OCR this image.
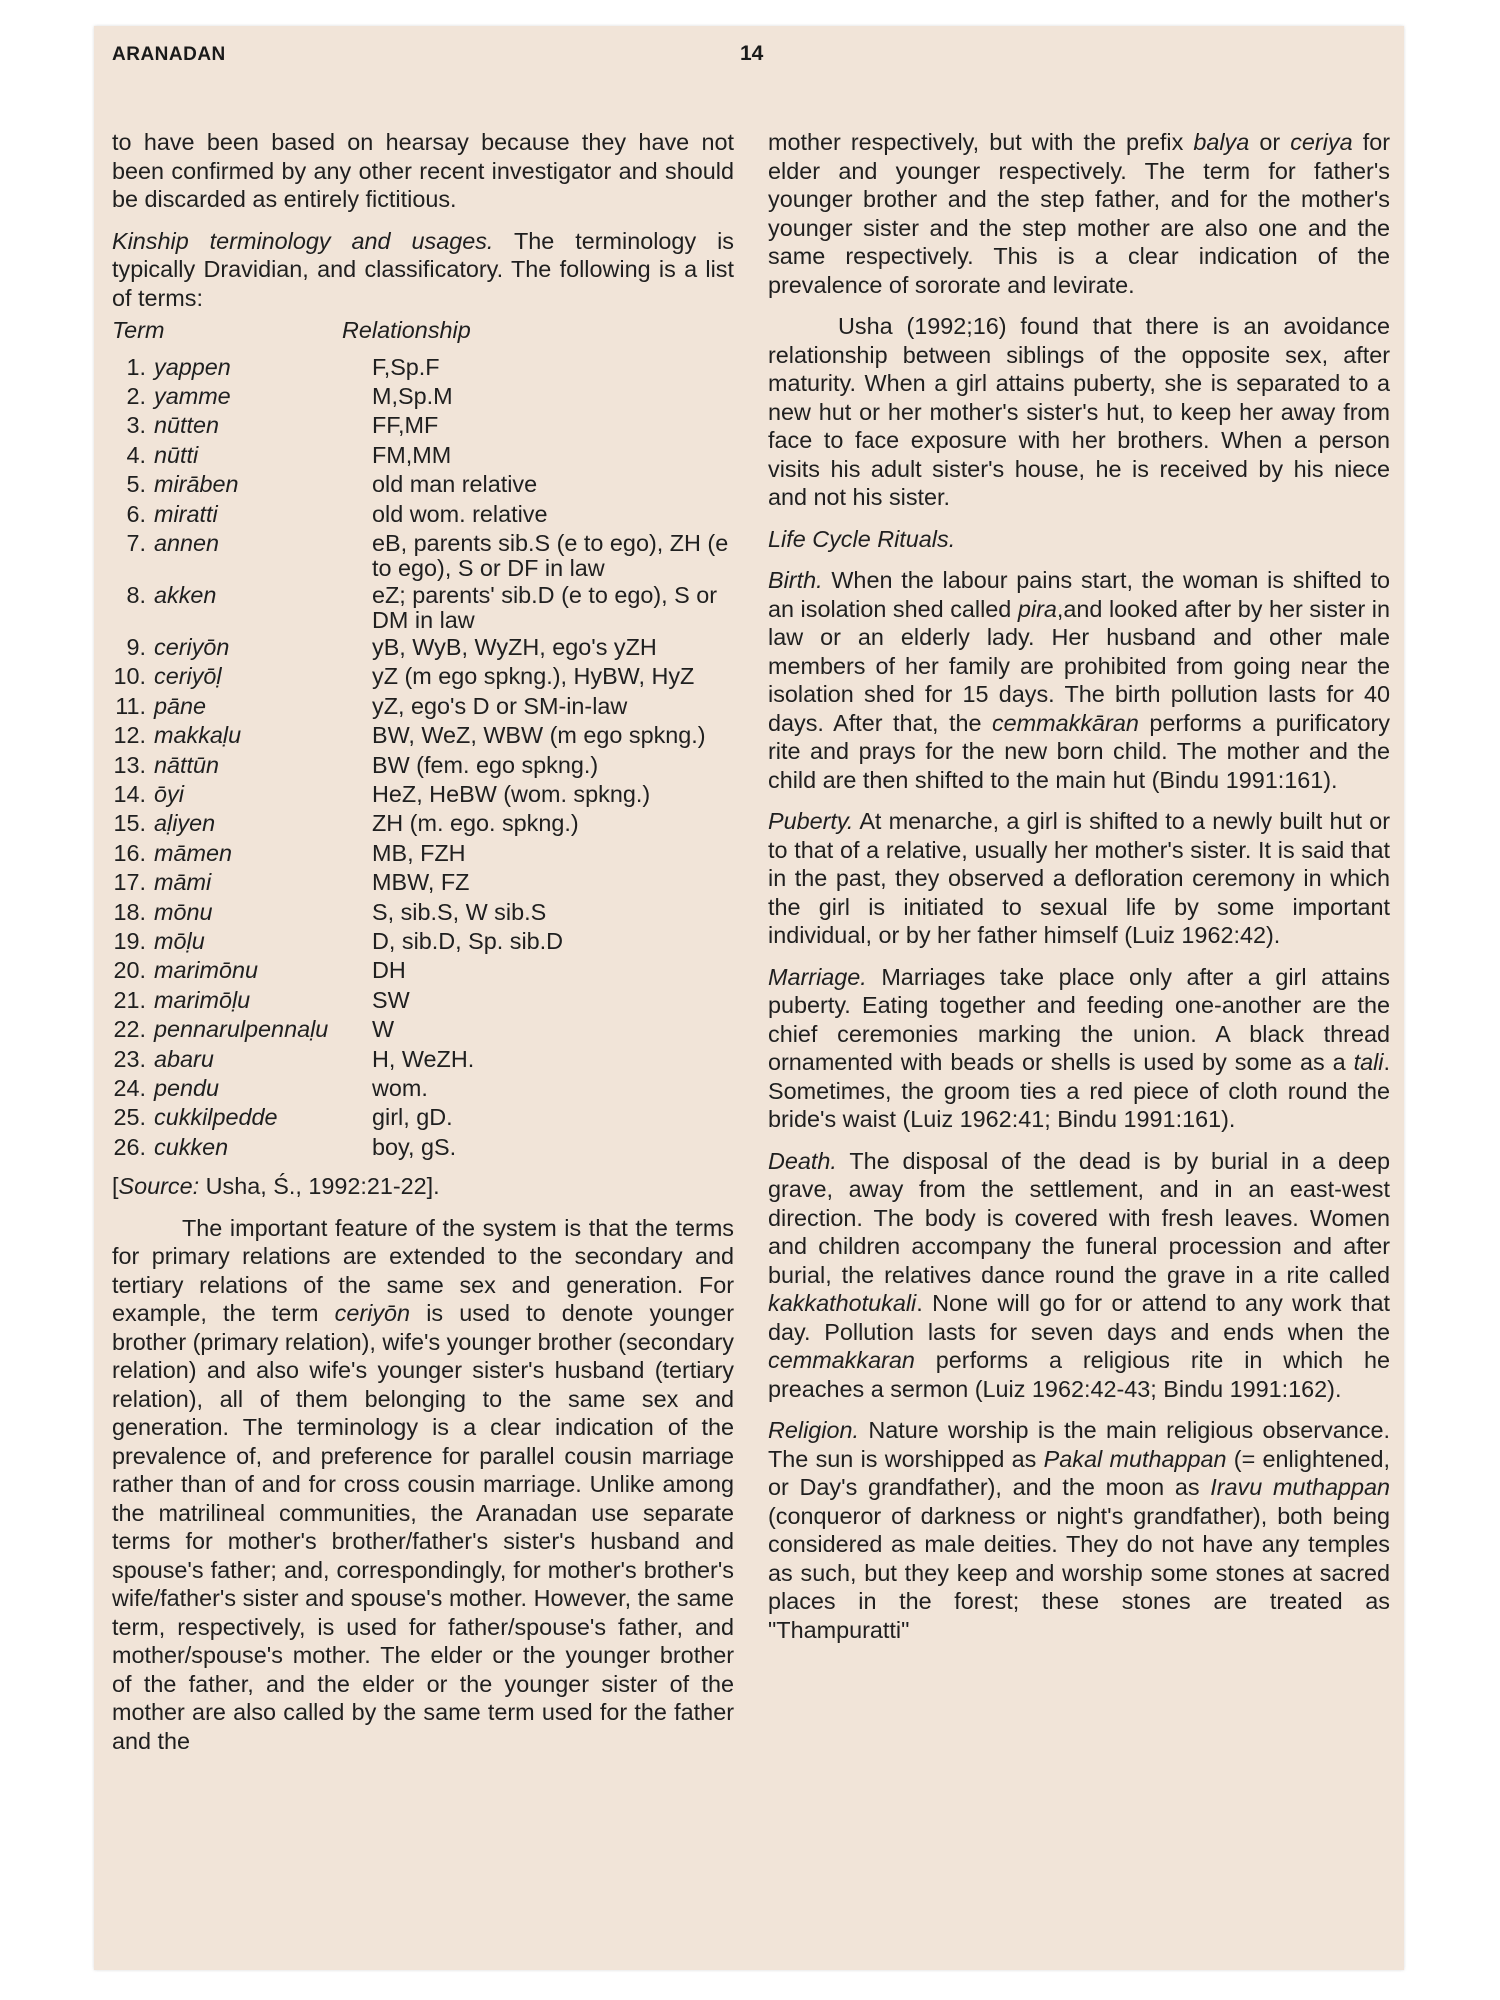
ARANADAN	14

to have been based on hearsay because they have not been confirmed by any other recent investigator and should be discarded as entirely fictitious.

Kinship terminology and usages. The terminology is typically Dravidian, and classificatory. The following is a list of terms:

Term	Relationship
1. yappen	F,Sp.F
2. yamme	M,Sp.M
3. nūtten	FF,MF
4. nūtti	FM,MM
5. mirāben	old man relative
6. miratti	old wom. relative
7. annen	eB, parents sib.S (e to ego), ZH (e to ego), S or DF in law
8. akken	eZ; parents' sib.D (e to ego), S or DM in law
9. ceriyōn	yB, WyB, WyZH, ego's yZH
10. ceriyōḷ	yZ (m ego spkng.), HyBW, HyZ
11. pāne	yZ, ego's D or SM-in-law
12. makkaḷu	BW, WeZ, WBW (m ego spkng.)
13. nāttūn	BW (fem. ego spkng.)
14. ōyi	HeZ, HeBW (wom. spkng.)
15. aḷiyen	ZH (m. ego. spkng.)
16. māmen	MB, FZH
17. māmi	MBW, FZ
18. mōnu	S, sib.S, W sib.S
19. mōḷu	D, sib.D, Sp. sib.D
20. marimōnu	DH
21. marimōḷu	SW
22. pennarulpennaḷu	W
23. abaru	H, WeZH.
24. pendu	wom.
25. cukkilpedde	girl, gD.
26. cukken	boy, gS.

[Source: Usha, Ś., 1992:21-22].

The important feature of the system is that the terms for primary relations are extended to the secondary and tertiary relations of the same sex and generation. For example, the term ceriyōn is used to denote younger brother (primary relation), wife's younger brother (secondary relation) and also wife's younger sister's husband (tertiary relation), all of them belonging to the same sex and generation. The terminology is a clear indication of the prevalence of, and preference for parallel cousin marriage rather than of and for cross cousin marriage. Unlike among the matrilineal communities, the Aranadan use separate terms for mother's brother/father's sister's husband and spouse's father; and, correspondingly, for mother's brother's wife/father's sister and spouse's mother. However, the same term, respectively, is used for father/spouse's father, and mother/spouse's mother. The elder or the younger brother of the father, and the elder or the younger sister of the mother are also called by the same term used for the father and the

mother respectively, but with the prefix balya or ceriya for elder and younger respectively. The term for father's younger brother and the step father, and for the mother's younger sister and the step mother are also one and the same respectively. This is a clear indication of the prevalence of sororate and levirate.

Usha (1992;16) found that there is an avoidance relationship between siblings of the opposite sex, after maturity. When a girl attains puberty, she is separated to a new hut or her mother's sister's hut, to keep her away from face to face exposure with her brothers. When a person visits his adult sister's house, he is received by his niece and not his sister.

Life Cycle Rituals.

Birth. When the labour pains start, the woman is shifted to an isolation shed called pira,and looked after by her sister in law or an elderly lady. Her husband and other male members of her family are prohibited from going near the isolation shed for 15 days. The birth pollution lasts for 40 days. After that, the cemmakkāran performs a purificatory rite and prays for the new born child. The mother and the child are then shifted to the main hut (Bindu 1991:161).

Puberty. At menarche, a girl is shifted to a newly built hut or to that of a relative, usually her mother's sister. It is said that in the past, they observed a defloration ceremony in which the girl is initiated to sexual life by some important individual, or by her father himself (Luiz 1962:42).

Marriage. Marriages take place only after a girl attains puberty. Eating together and feeding one-another are the chief ceremonies marking the union. A black thread ornamented with beads or shells is used by some as a tali. Sometimes, the groom ties a red piece of cloth round the bride's waist (Luiz 1962:41; Bindu 1991:161).

Death. The disposal of the dead is by burial in a deep grave, away from the settlement, and in an east-west direction. The body is covered with fresh leaves. Women and children accompany the funeral procession and after burial, the relatives dance round the grave in a rite called kakkathotukali. None will go for or attend to any work that day. Pollution lasts for seven days and ends when the cemmakkaran performs a religious rite in which he preaches a sermon (Luiz 1962:42-43; Bindu 1991:162).

Religion. Nature worship is the main religious observance. The sun is worshipped as Pakal muthappan (= enlightened, or Day's grandfather), and the moon as Iravu muthappan (conqueror of darkness or night's grandfather), both being considered as male deities. They do not have any temples as such, but they keep and worship some stones at sacred places in the forest; these stones are treated as "Thampuratti"
